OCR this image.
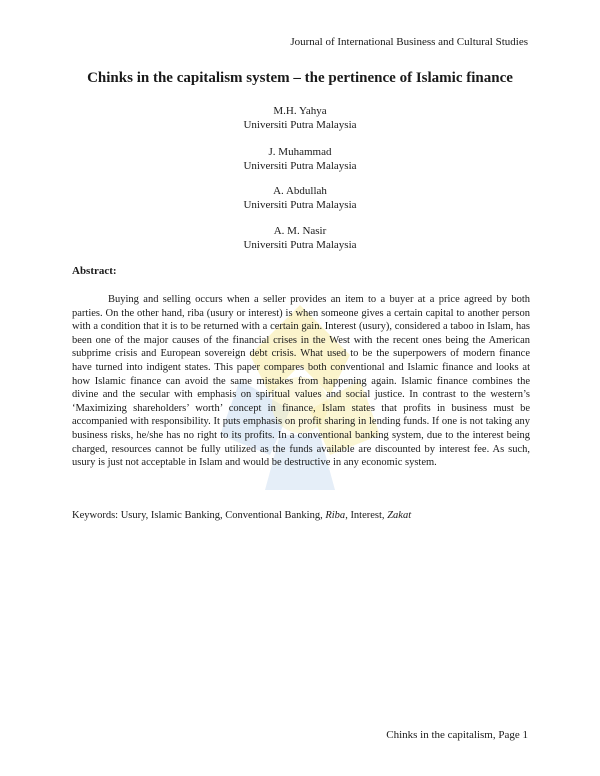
Journal of International Business and Cultural Studies
Chinks in the capitalism system – the pertinence of Islamic finance
M.H. Yahya
Universiti Putra Malaysia
J. Muhammad
Universiti Putra Malaysia
A. Abdullah
Universiti Putra Malaysia
A. M. Nasir
Universiti Putra Malaysia
Abstract:

Buying and selling occurs when a seller provides an item to a buyer at a price agreed by both parties. On the other hand, riba (usury or interest) is when someone gives a certain capital to another person with a condition that it is to be returned with a certain gain. Interest (usury), considered a taboo in Islam, has been one of the major causes of the financial crises in the West with the recent ones being the American subprime crisis and European sovereign debt crisis. What used to be the superpowers of modern finance have turned into indigent states. This paper compares both conventional and Islamic finance and looks at how Islamic finance can avoid the same mistakes from happening again. Islamic finance combines the divine and the secular with emphasis on spiritual values and social justice. In contrast to the western’s ‘Maximizing shareholders’ worth’ concept in finance, Islam states that profits in business must be accompanied with responsibility. It puts emphasis on profit sharing in lending funds. If one is not taking any business risks, he/she has no right to its profits. In a conventional banking system, due to the interest being charged, resources cannot be fully utilized as the funds available are discounted by interest fee. As such, usury is just not acceptable in Islam and would be destructive in any economic system.

Keywords: Usury, Islamic Banking, Conventional Banking, Riba, Interest, Zakat
Chinks in the capitalism, Page 1
